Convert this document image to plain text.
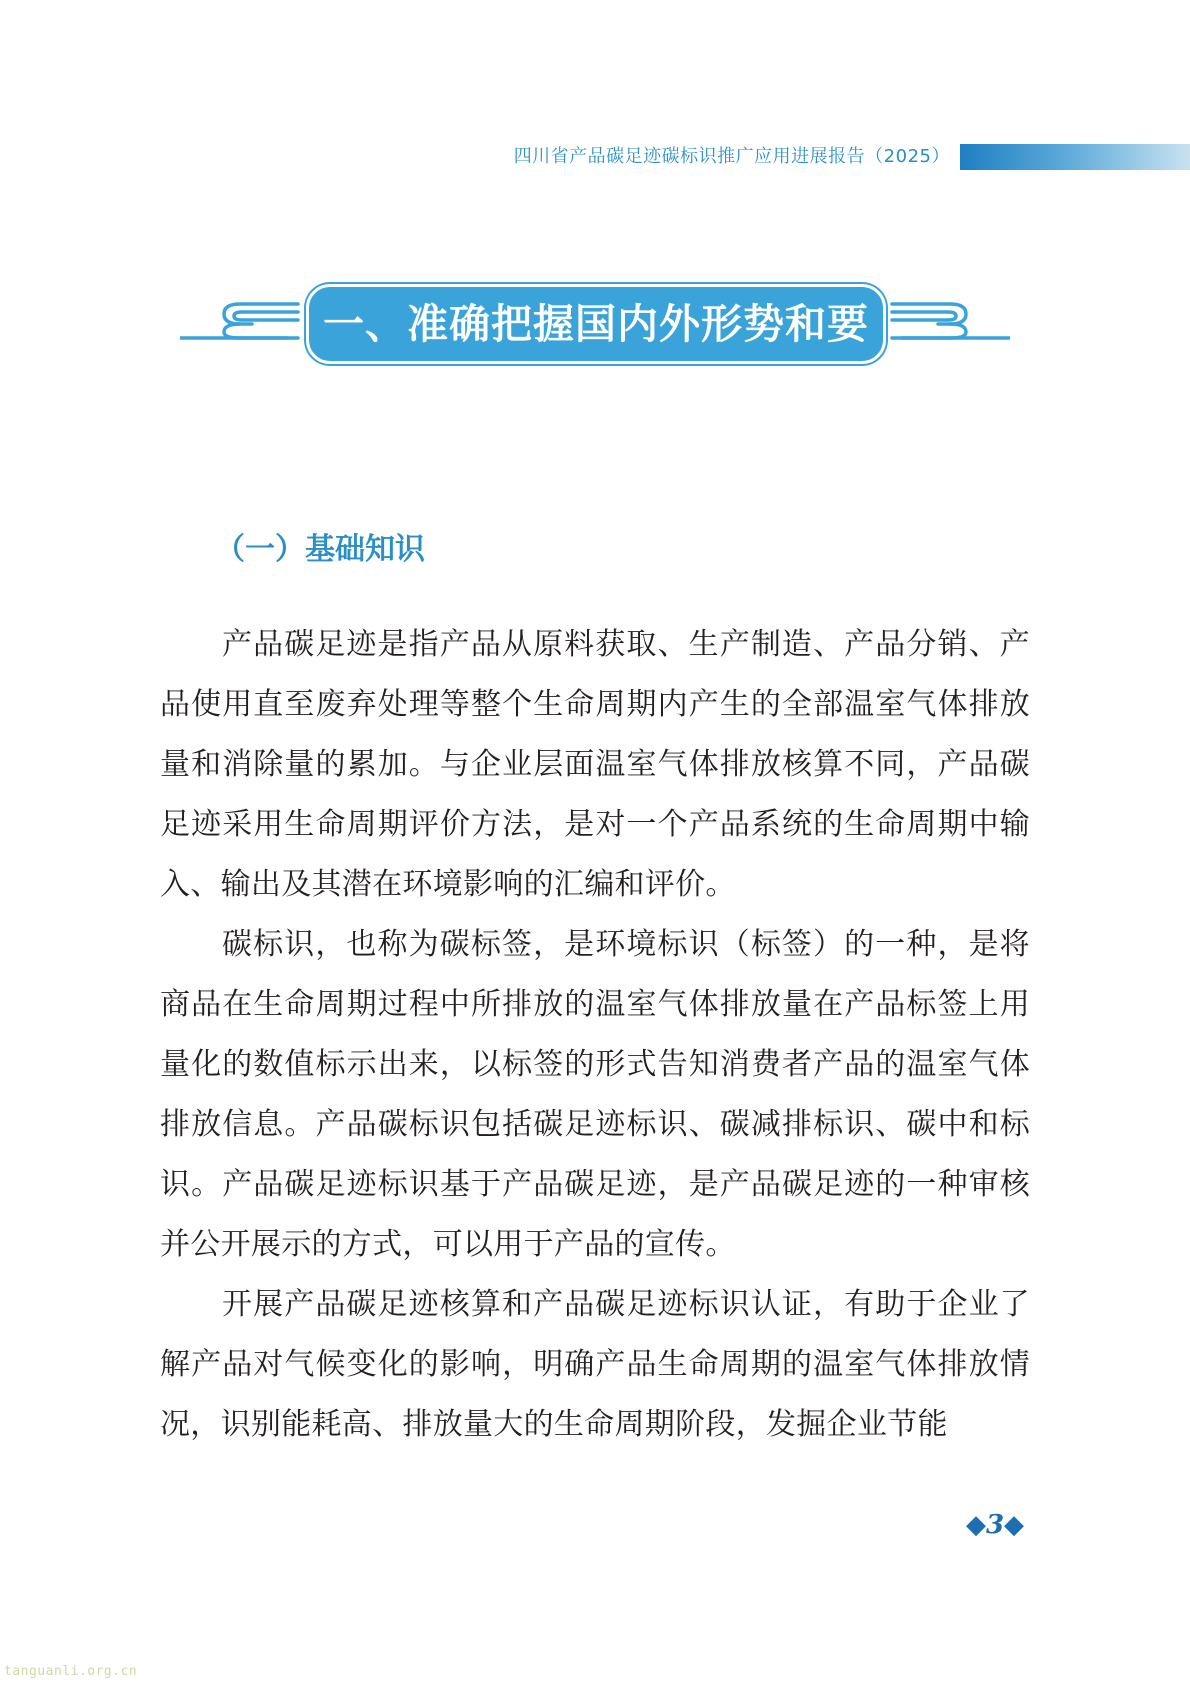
四川省产品碳足迹碳标识推广应用进展报告（2025）
一、准确把握国内外形势和要求
（一）基础知识

产品碳足迹是指产品从原料获取、生产制造、产品分销、产品使用直至废弃处理等整个生命周期内产生的全部温室气体排放量和消除量的累加。与企业层面温室气体排放核算不同，产品碳足迹采用生命周期评价方法，是对一个产品系统的生命周期中输入、输出及其潜在环境影响的汇编和评价。

碳标识，也称为碳标签，是环境标识（标签）的一种，是将商品在生命周期过程中所排放的温室气体排放量在产品标签上用量化的数值标示出来，以标签的形式告知消费者产品的温室气体排放信息。产品碳标识包括碳足迹标识、碳减排标识、碳中和标识。产品碳足迹标识基于产品碳足迹，是产品碳足迹的一种审核并公开展示的方式，可以用于产品的宣传。

开展产品碳足迹核算和产品碳足迹标识认证，有助于企业了解产品对气候变化的影响，明确产品生命周期的温室气体排放情况，识别能耗高、排放量大的生命周期阶段，发掘企业节能

◆3◆
tanguanli.org.cn
